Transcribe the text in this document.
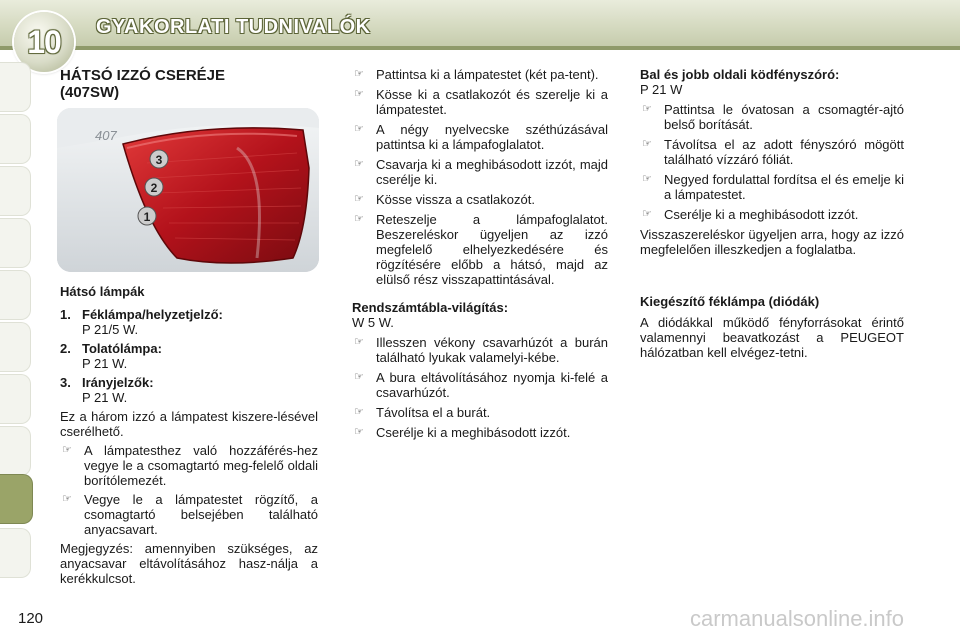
10 GYAKORLATI TUDNIVALÓK

HÁTSÓ IZZÓ CSERÉJE

(407SW)

407
3
2
1

Hátsó lámpák

1. Féklámpa/helyzetjelző:

P 21/5 W.

2. Tolatólámpa:

P 21 W.

3. Irányjelzők:

P 21 W.

Ez a három izzó a lámpatest kiszere-lésével cserélhető.

☞ A lámpatesthez való hozzáférés-hez vegye le a csomagtartó meg-felelő oldali borítólemezét.

☞ Vegye le a lámpatestet rögzítő, a csomagtartó belsejében található anyacsavart.

Megjegyzés: amennyiben szükséges, az anyacsavar eltávolításához hasz-nálja a kerékkulcsot.

☞ Pattintsa ki a lámpatestet (két pa-tent).

☞ Kösse ki a csatlakozót és szerelje ki a lámpatestet.

☞ A négy nyelvecske széthúzásával pattintsa ki a lámpafoglalatot.

☞ Csavarja ki a meghibásodott izzót, majd cserélje ki.

☞ Kösse vissza a csatlakozót.

☞ Reteszelje a lámpafoglalatot. Beszereléskor ügyeljen az izzó megfelelő elhelyezkedésére és rögzítésére előbb a hátsó, majd az elülső rész visszapattintásával.

Rendszámtábla-világítás:

W 5 W.

☞ Illesszen vékony csavarhúzót a burán található lyukak valamelyi-kébe.

☞ A bura eltávolításához nyomja ki-felé a csavarhúzót.

☞ Távolítsa el a burát.

☞ Cserélje ki a meghibásodott izzót.

Bal és jobb oldali ködfényszóró:

P 21 W

☞ Pattintsa le óvatosan a csomagtér-ajtó belső borítását.

☞ Távolítsa el az adott fényszóró mögött található vízzáró fóliát.

☞ Negyed fordulattal fordítsa el és emelje ki a lámpatestet.

☞ Cserélje ki a meghibásodott izzót.

Visszaszereléskor ügyeljen arra, hogy az izzó megfelelően illeszkedjen a foglalatba.

Kiegészítő féklámpa (diódák)

A diódákkal működő fényforrásokat érintő valamennyi beavatkozást a PEUGEOT hálózatban kell elvégez-tetni.

120	carmanualsonline.info
